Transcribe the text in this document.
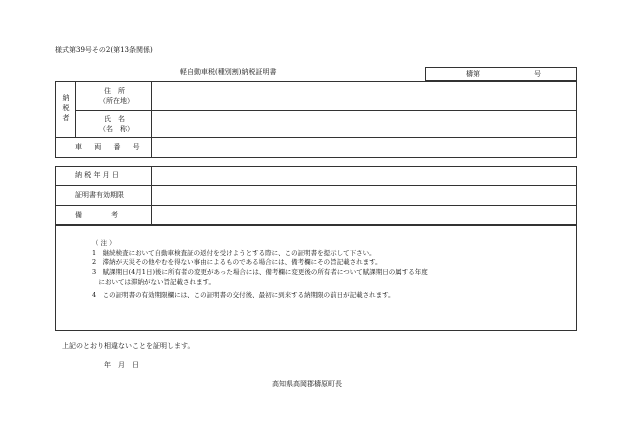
様式第39号その2(第13条関係)
軽自動車税(種別割)納税証明書	檮第	号
納税者
住　所
（所在地）
氏　名
（名　称）
車 両 番 号
納 税 年 月 日
証明書有効期限
備　　考
（ 注 ）
1　継続検査において自動車検査証の返付を受けようとする際に、この証明書を提示して下さい。
2　滞納が天災その他やむを得ない事由によるものである場合には、備考欄にその旨記載されます。
3　賦課期日(4月1日)後に所有者の変更があった場合には、備考欄に変更後の所有者について賦課期日の属する年度
　においては滞納がない旨記載されます。
4　この証明書の有効期限欄には、この証明書の交付後、最初に到来する納期限の前日が記載されます。
上記のとおり相違ないことを証明します。
年　月　日
高知県高岡郡檮原町長
